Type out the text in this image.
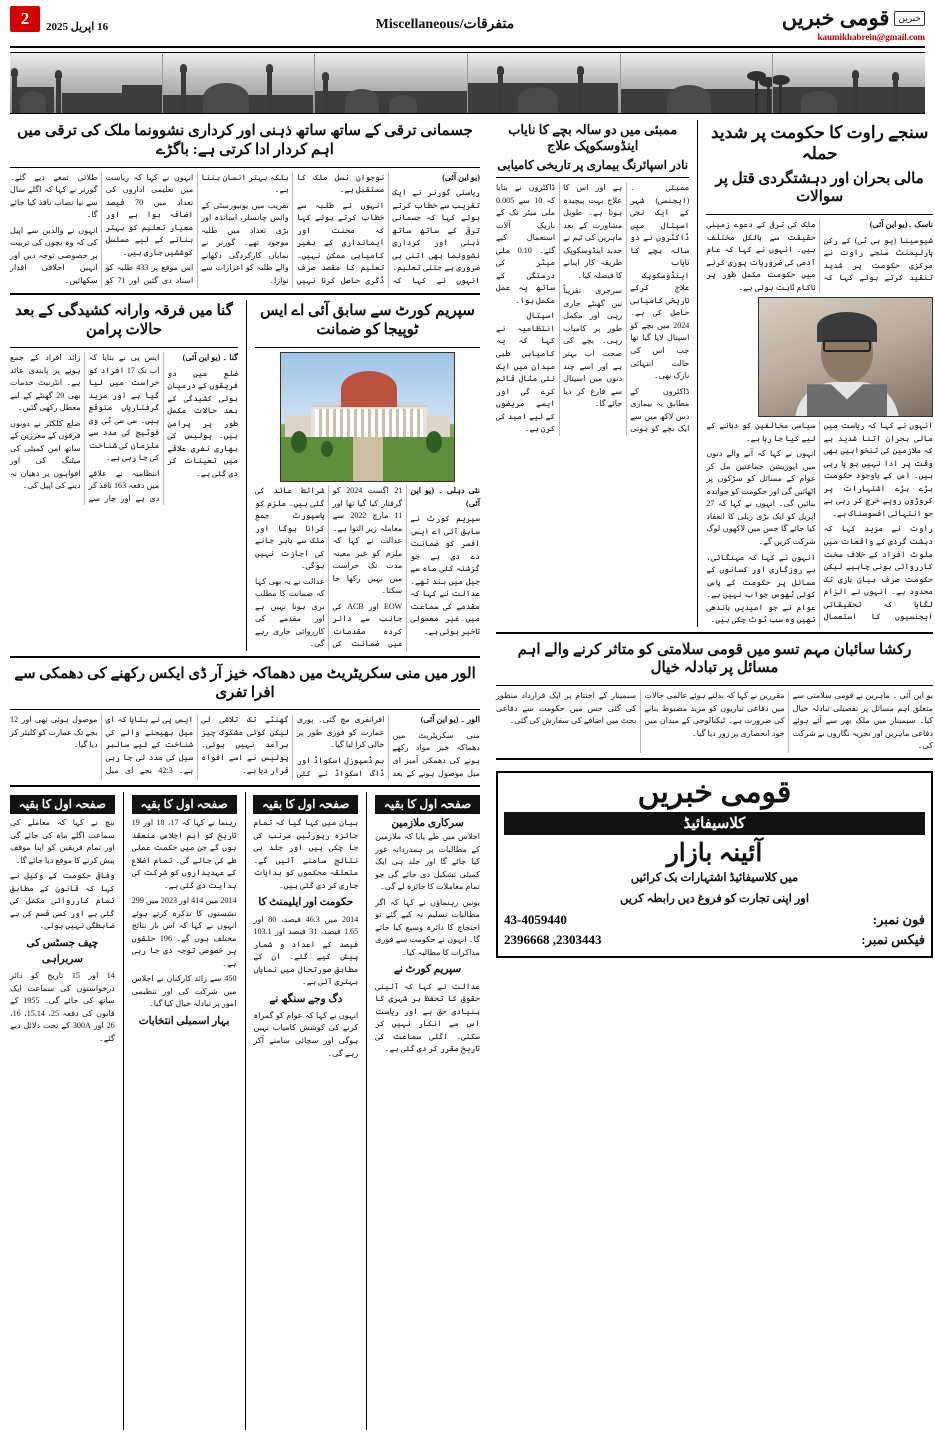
2	16 اپریل 2025	متفرقات/Miscellaneous	خبریں
قومی خبریں
kaumikhabrein@gmail.com
جسمانی ترقی کے ساتھ ساتھ ذہنی اور کرداری نشوونما ملک کی ترقی میں اہم کردار ادا کرتی ہے: باگڑے

(یو این آئی)

ریاستی گورنر نے ایک تقریب سے خطاب کرتے ہوئے کہا کہ جسمانی ترقی کے ساتھ ساتھ ذہنی اور کرداری نشوونما بھی اتنی ہی ضروری ہے جتنی تعلیم۔ انہوں نے کہا کہ نوجوان نسل ملک کا مستقبل ہے۔

انہوں نے طلبہ سے خطاب کرتے ہوئے کہا کہ محنت اور ایمانداری کے بغیر کامیابی ممکن نہیں۔ تعلیم کا مقصد صرف ڈگری حاصل کرنا نہیں بلکہ بہتر انسان بننا ہے۔

تقریب میں یونیورسٹی کے وائس چانسلر، اساتذہ اور بڑی تعداد میں طلبہ موجود تھے۔ گورنر نے نمایاں کارکردگی دکھانے والے طلبہ کو اعزازات سے نوازا۔

انہوں نے کہا کہ ریاست میں تعلیمی اداروں کی تعداد میں 70 فیصد اضافہ ہوا ہے اور معیار تعلیم کو بہتر بنانے کے لیے مسلسل کوششیں جاری ہیں۔

اس موقع پر 433 طلبہ کو اسناد دی گئیں اور 71 کو طلائی تمغے دیے گئے۔ گورنر نے کہا کہ اگلے سال سے نیا نصاب نافذ کیا جائے گا۔

انہوں نے والدین سے اپیل کی کہ وہ بچوں کی تربیت پر خصوصی توجہ دیں اور انہیں اخلاقی اقدار سکھائیں۔

گنا میں فرقہ وارانہ کشیدگی کے بعد حالات پرامن

گنا ۔ (یو این آئی)

ضلع میں دو فریقوں کے درمیان ہوئی کشیدگی کے بعد حالات مکمل طور پر پرامن ہیں۔ پولیس کی بھاری نفری علاقے میں تعینات کر دی گئی ہے۔

ایس پی نے بتایا کہ اب تک 17 افراد کو حراست میں لیا گیا ہے اور مزید گرفتاریاں متوقع ہیں۔ سی سی ٹی وی فوٹیج کی مدد سے ملزمان کی شناخت کی جا رہی ہے۔

انتظامیہ نے علاقے میں دفعہ 163 نافذ کر دی ہے اور چار سے زائد افراد کے جمع ہونے پر پابندی عائد ہے۔ انٹرنیٹ خدمات بھی 20 گھنٹے کے لیے معطل رکھی گئیں۔

ضلع کلکٹر نے دونوں فرقوں کے معززین کے ساتھ امن کمیٹی کی میٹنگ کی اور افواہوں پر دھیان نہ دینے کی اپیل کی۔

سپریم کورٹ سے سابق آئی اے ایس ٹوپیجا کو ضمانت

نئی دہلی ۔ (یو این آئی)

سپریم کورٹ نے سابق آئی اے ایس افسر کو ضمانت دے دی ہے جو گزشتہ کئی ماہ سے جیل میں بند تھے۔ عدالت نے کہا کہ مقدمے کی سماعت میں غیر معمولی تاخیر ہوئی ہے۔

21 اگست 2024 کو گرفتار کیا گیا تھا اور 11 مارچ 2022 سے معاملہ زیر التوا ہے۔ عدالت نے کہا کہ ملزم کو غیر معینہ مدت تک حراست میں نہیں رکھا جا سکتا۔

EOW اور ACB کی جانب سے دائر کردہ مقدمات میں ضمانت کی شرائط عائد کی گئی ہیں۔ ملزم کو پاسپورٹ جمع کرانا ہوگا اور ملک سے باہر جانے کی اجازت نہیں ہوگی۔

عدالت نے یہ بھی کہا کہ ضمانت کا مطلب بری ہونا نہیں ہے اور مقدمے کی کارروائی جاری رہے گی۔

الور میں منی سکریٹریٹ میں دھماکہ خیز آر ڈی ایکس رکھنے کی دھمکی سے افرا تفری

الور ۔ (یو این آئی)

منی سکریٹریٹ میں دھماکہ خیز مواد رکھے ہونے کی دھمکی آمیز ای میل موصول ہونے کے بعد افراتفری مچ گئی۔ پوری عمارت کو فوری طور پر خالی کرا لیا گیا۔

بم ڈسپوزل اسکواڈ اور ڈاگ اسکواڈ نے کئی گھنٹے تک تلاشی لی لیکن کوئی مشکوک چیز برآمد نہیں ہوئی۔ پولیس نے اسے افواہ قرار دیا ہے۔

ایس پی نے بتایا کہ ای میل بھیجنے والے کی شناخت کے لیے سائبر سیل کی مدد لی جا رہی ہے۔ 42:3 بجے ای میل موصول ہوئی تھی اور 12 بجے تک عمارت کو کلیئر کر دیا گیا۔

صفحہ اول کا بقیہ

بنچ نے کہا کہ معاملے کی سماعت اگلے ماہ کی جائے گی اور تمام فریقین کو اپنا موقف پیش کرنے کا موقع دیا جائے گا۔

وفاقی حکومت کے وکیل نے کہا کہ قانون کے مطابق تمام کارروائی مکمل کی گئی ہے اور کسی قسم کی بے ضابطگی نہیں ہوئی۔

چیف جسٹس کی سربراہی

14 اور 15 تاریخ کو دائر درخواستوں کی سماعت ایک ساتھ کی جائے گی۔ 1955 کے قانون کی دفعہ 25، 15.14، 16، 26 اور 300A کے تحت دلائل دیے گئے۔

صفحہ اول کا بقیہ

رہنما نے کہا کہ 17، 18 اور 19 تاریخ کو اہم اجلاس منعقد ہوں گے جن میں حکمت عملی طے کی جائے گی۔ تمام اضلاع کے عہدیداروں کو شرکت کی ہدایت دی گئی ہے۔

2014 میں 414 اور 2023 میں 299 نشستوں کا تذکرہ کرتے ہوئے انہوں نے کہا کہ اس بار نتائج مختلف ہوں گے۔ 196 حلقوں پر خصوصی توجہ دی جا رہی ہے۔

450 سے زائد کارکنان نے اجلاس میں شرکت کی اور تنظیمی امور پر تبادلہ خیال کیا گیا۔

بہار اسمبلی انتخابات
صفحہ اول کا بقیہ

بیان میں کہا گیا کہ تمام جائزہ رپورٹیں مرتب کی جا چکی ہیں اور جلد ہی نتائج سامنے آئیں گے۔ متعلقہ محکموں کو ہدایات جاری کر دی گئی ہیں۔

حکومت اور ایلیمنٹ کا

2014 میں 46.3 فیصد، 80 اور 1.65 فیصد، 31 فیصد اور 103.1 فیصد کے اعداد و شمار پیش کیے گئے۔ ان کے مطابق صورتحال میں نمایاں بہتری آئی ہے۔

دگ وجے سنگھ نے

انہوں نے کہا کہ عوام کو گمراہ کرنے کی کوشش کامیاب نہیں ہوگی اور سچائی سامنے آکر رہے گی۔

صفحہ اول کا بقیہ
سرکاری ملازمین

اجلاس میں طے پایا کہ ملازمین کے مطالبات پر ہمدردانہ غور کیا جائے گا اور جلد ہی ایک کمیٹی تشکیل دی جائے گی جو تمام معاملات کا جائزہ لے گی۔

یونین رہنماؤں نے کہا کہ اگر مطالبات تسلیم نہ کیے گئے تو احتجاج کا دائرہ وسیع کیا جائے گا۔ انہوں نے حکومت سے فوری مذاکرات کا مطالبہ کیا۔

سپریم کورٹ نے

عدالت نے کہا کہ آئینی حقوق کا تحفظ ہر شہری کا بنیادی حق ہے اور ریاست اس سے انکار نہیں کر سکتی۔ اگلی سماعت کی تاریخ مقرر کر دی گئی ہے۔

ممبئی میں دو سالہ بچے کا نایاب اینڈوسکوپک علاج
نادر اسپائرنگ بیماری پر تاریخی کامیابی

ممبئی ۔ (ایجنسی) شہر کے ایک نجی اسپتال میں ڈاکٹروں نے دو سالہ بچے کا نایاب اینڈوسکوپک علاج کرکے تاریخی کامیابی حاصل کی ہے۔ 2024 میں بچے کو اسپتال لایا گیا تھا جب اس کی حالت انتہائی نازک تھی۔

ڈاکٹروں کے مطابق یہ بیماری دس لاکھ میں سے ایک بچے کو ہوتی ہے اور اس کا علاج بہت پیچیدہ ہوتا ہے۔ طویل مشاورت کے بعد ماہرین کی ٹیم نے جدید اینڈوسکوپک طریقہ کار اپنانے کا فیصلہ کیا۔

سرجری تقریباً تین گھنٹے جاری رہی اور مکمل طور پر کامیاب رہی۔ بچے کی صحت اب بہتر ہے اور اسے چند دنوں میں اسپتال سے فارغ کر دیا جائے گا۔

ڈاکٹروں نے بتایا کہ 10 سے 0.005 ملی میٹر تک کے باریک آلات استعمال کیے گئے۔ 0.10 ملی میٹر کی درستگی کے ساتھ یہ عمل مکمل ہوا۔

اسپتال انتظامیہ نے کہا کہ یہ کامیابی طبی میدان میں ایک نئی مثال قائم کرے گی اور ایسے مریضوں کے لیے امید کی کرن ہے۔

سنجے راوت کا حکومت پر شدید حملہ
مالی بحران اور دہشتگردی قتل پر سوالات

ناسک ۔(یو این آئی)

شیوسینا (یو بی ٹی) کے رکن پارلیمنٹ سنجے راوت نے مرکزی حکومت پر شدید تنقید کرتے ہوئے کہا کہ ملک کی ترقی کے دعوے زمینی حقیقت سے بالکل مختلف ہیں۔ انہوں نے کہا کہ عام آدمی کی ضروریات پوری کرنے میں حکومت مکمل طور پر ناکام ثابت ہوئی ہے۔

انہوں نے کہا کہ ریاست میں مالی بحران اتنا شدید ہے کہ ملازمین کی تنخواہیں بھی وقت پر ادا نہیں ہو پا رہی ہیں۔ اس کے باوجود حکومت بڑے بڑے اشتہارات پر کروڑوں روپے خرچ کر رہی ہے جو انتہائی افسوسناک ہے۔

راوت نے مزید کہا کہ دہشت گردی کے واقعات میں ملوث افراد کے خلاف سخت کارروائی ہونی چاہیے لیکن حکومت صرف بیان بازی تک محدود ہے۔ انہوں نے الزام لگایا کہ تحقیقاتی ایجنسیوں کا استعمال سیاسی مخالفین کو دبانے کے لیے کیا جا رہا ہے۔

انہوں نے کہا کہ آنے والے دنوں میں اپوزیشن جماعتیں مل کر عوام کے مسائل کو سڑکوں پر اٹھائیں گی اور حکومت کو جوابدہ بنائیں گی۔ انہوں نے کہا کہ 27 اپریل کو ایک بڑی ریلی کا انعقاد کیا جائے گا جس میں لاکھوں لوگ شرکت کریں گے۔

انہوں نے کہا کہ مہنگائی، بے روزگاری اور کسانوں کے مسائل پر حکومت کے پاس کوئی ٹھوس جواب نہیں ہے۔ عوام نے جو امیدیں باندھی تھیں وہ سب ٹوٹ چکی ہیں۔

رکشا سائبان مہم تسو میں قومی سلامتی کو متاثر کرنے والے اہم مسائل پر تبادلہ خیال

یو این آئی ۔ ماہرین نے قومی سلامتی سے متعلق اہم مسائل پر تفصیلی تبادلہ خیال کیا۔ سیمینار میں ملک بھر سے آئے ہوئے دفاعی ماہرین اور تجزیہ نگاروں نے شرکت کی۔

مقررین نے کہا کہ بدلتے ہوئے عالمی حالات میں دفاعی تیاریوں کو مزید مضبوط بنانے کی ضرورت ہے۔ ٹیکنالوجی کے میدان میں خود انحصاری پر زور دیا گیا۔

سیمینار کے اختتام پر ایک قرارداد منظور کی گئی جس میں حکومت سے دفاعی بجٹ میں اضافے کی سفارش کی گئی۔

قومی خبریں
کلاسیفائیڈ
آئینہ بازار
میں کلاسیفائیڈ اشتہارات بک کرائیں
اور اپنی تجارت کو فروغ دیں رابطہ کریں
فون نمبر:
43-4059440
فیکس نمبر:
2303443, 2396668
